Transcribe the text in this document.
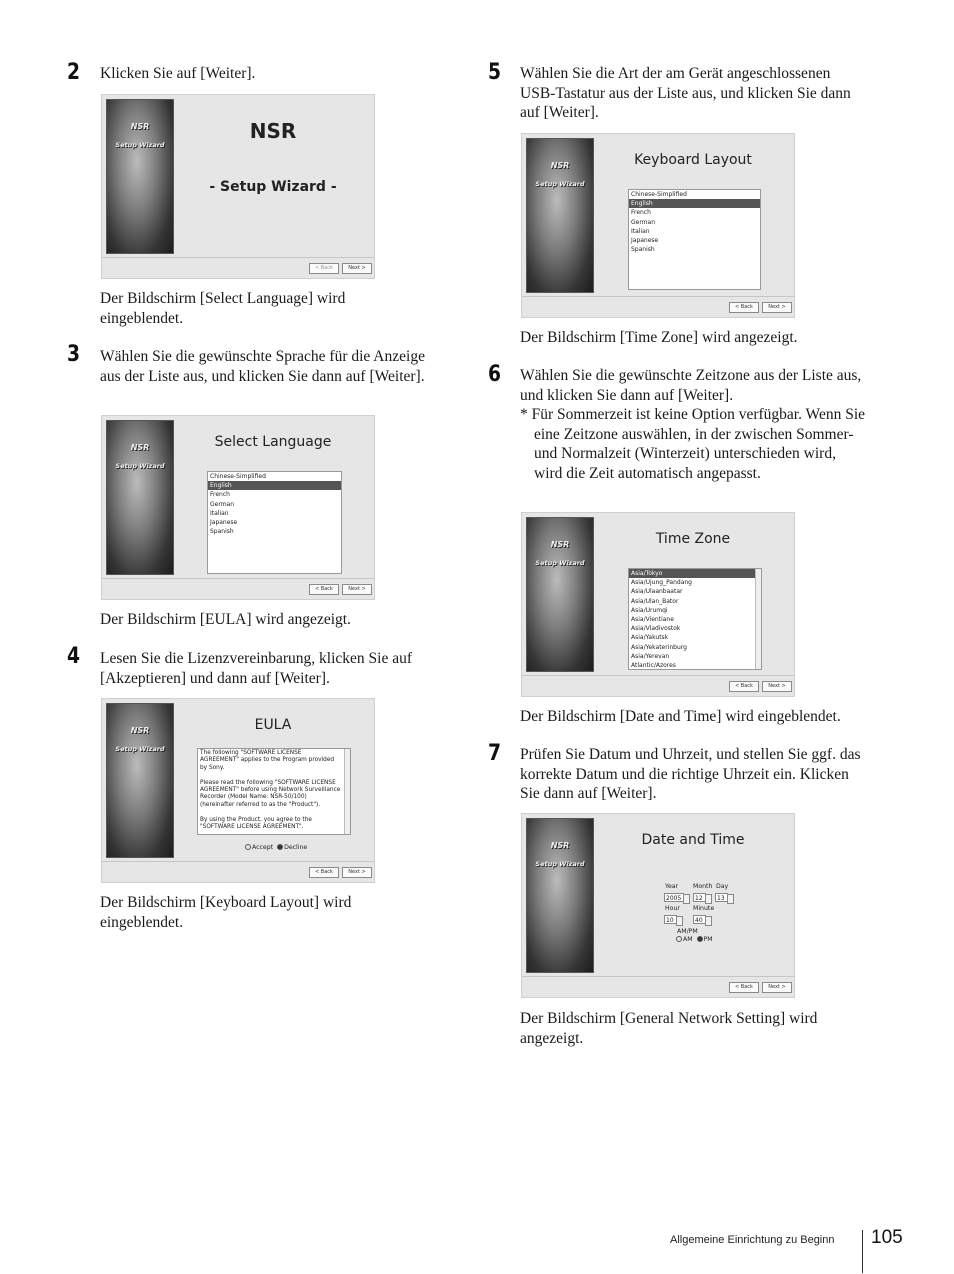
2 Klicken Sie auf [Weiter].
NSR
Setup Wizard
NSR
- Setup Wizard -
< Back	Next >
Der Bildschirm [Select Language] wird eingeblendet.
3 Wählen Sie die gewünschte Sprache für die Anzeige aus der Liste aus, und klicken Sie dann auf [Weiter].
NSR
Setup Wizard
Select Language
Chinese-Simplified
English
French
German
Italian
Japanese
Spanish
< Back	Next >
Der Bildschirm [EULA] wird angezeigt.
4 Lesen Sie die Lizenzvereinbarung, klicken Sie auf [Akzeptieren] und dann auf [Weiter].
NSR
Setup Wizard
EULA
The following "SOFTWARE LICENSE AGREEMENT" applies to the Program provided by Sony.

Please read the following "SOFTWARE LICENSE AGREEMENT" before using Network Surveillance Recorder (Model Name: NSR-50/100) (hereinafter referred to as the "Product").

By using the Product, you agree to the "SOFTWARE LICENSE AGREEMENT".
Accept Decline
< Back	Next >
Der Bildschirm [Keyboard Layout] wird eingeblendet.
5 Wählen Sie die Art der am Gerät angeschlossenen USB-Tastatur aus der Liste aus, und klicken Sie dann auf [Weiter].
NSR
Setup Wizard
Keyboard Layout
Chinese-Simplified
English
French
German
Italian
Japanese
Spanish
< Back	Next >
Der Bildschirm [Time Zone] wird angezeigt.
6 Wählen Sie die gewünschte Zeitzone aus der Liste aus, und klicken Sie dann auf [Weiter].
* Für Sommerzeit ist keine Option verfügbar. Wenn Sie eine Zeitzone auswählen, in der zwischen Sommer- und Normalzeit (Winterzeit) unterschieden wird, wird die Zeit automatisch angepasst.
NSR
Setup Wizard
Time Zone
Asia/Tokyo
Asia/Ujung_Pandang
Asia/Ulaanbaatar
Asia/Ulan_Bator
Asia/Urumqi
Asia/Vientiane
Asia/Vladivostok
Asia/Yakutsk
Asia/Yekaterinburg
Asia/Yerevan
Atlantic/Azores
< Back	Next >
Der Bildschirm [Date and Time] wird eingeblendet.
7 Prüfen Sie Datum und Uhrzeit, und stellen Sie ggf. das korrekte Datum und die richtige Uhrzeit ein. Klicken Sie dann auf [Weiter].
NSR
Setup Wizard
Date and Time
Year Month Day
2005	12	13
Hour Minute
10	40
AM/PM
AM PM
< Back	Next >
Der Bildschirm [General Network Setting] wird angezeigt.
Allgemeine Einrichtung zu Beginn 105
